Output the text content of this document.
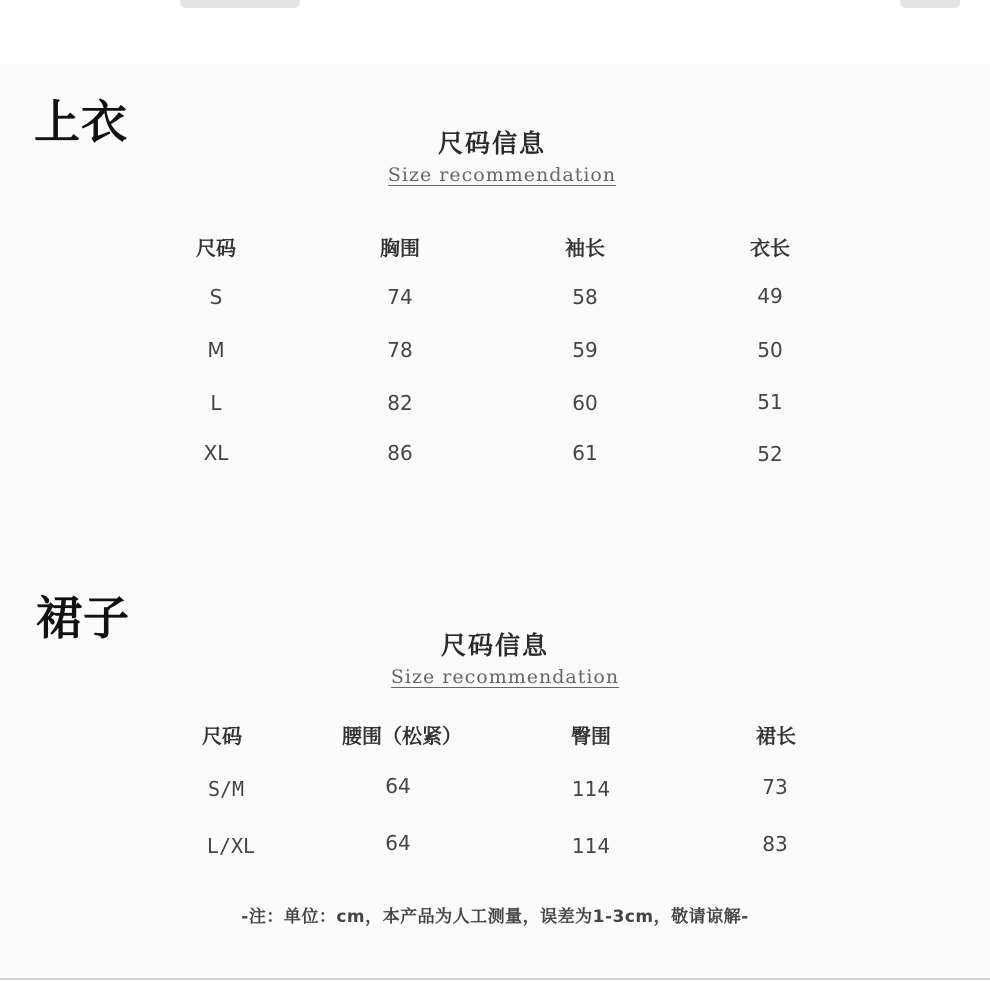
上衣	尺码信息
Size recommendation
尺码	胸围	袖长	衣长
S	74	58	49
M	78	59	50
L	82	60	51
XL	86	61	52
裙子
尺码信息
Size recommendation
尺码	腰围（松紧）	臀围	裙长
S/M	64	114	73
L/XL	64	114	83
-注：单位：cm，本产品为人工测量，误差为1-3cm，敬请谅解-
